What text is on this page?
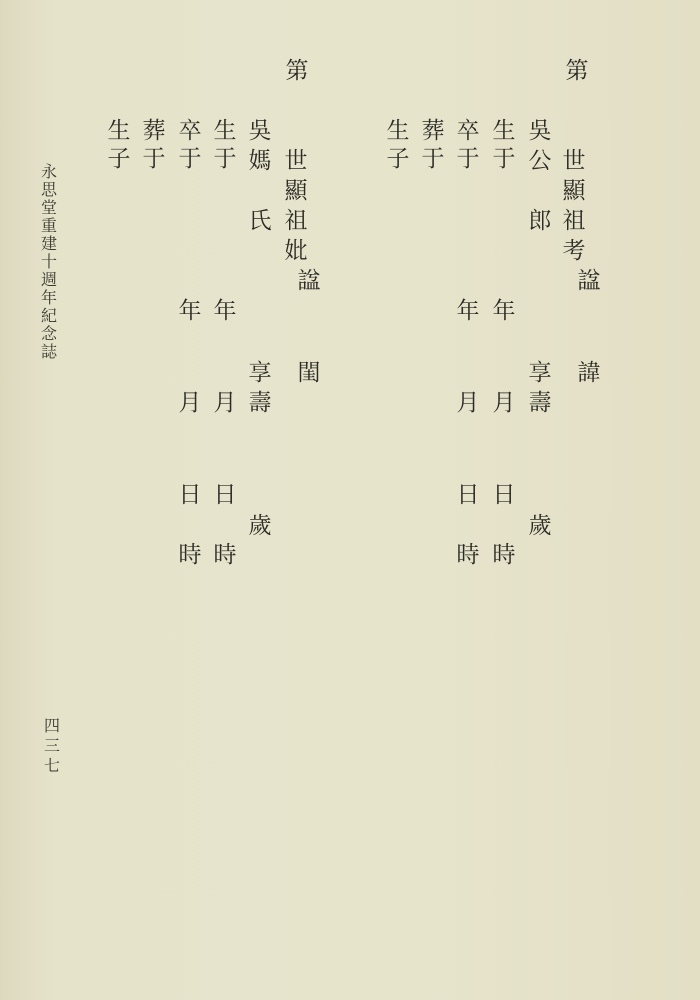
永
思
堂
重
建
十
週
年
紀
念
誌
四
三
七
第
諱
世
顯
祖
考
諡
吳
公
郎
享
壽
歲
生
于
年
月
日
時
卒
于
年
月
日
時
葬
于
生
子
第
閨
世
顯
祖
妣
諡
吳
媽
氏
享
壽
歲
生
于
年
月
日
時
卒
于
年
月
日
時
葬
于
生
子
